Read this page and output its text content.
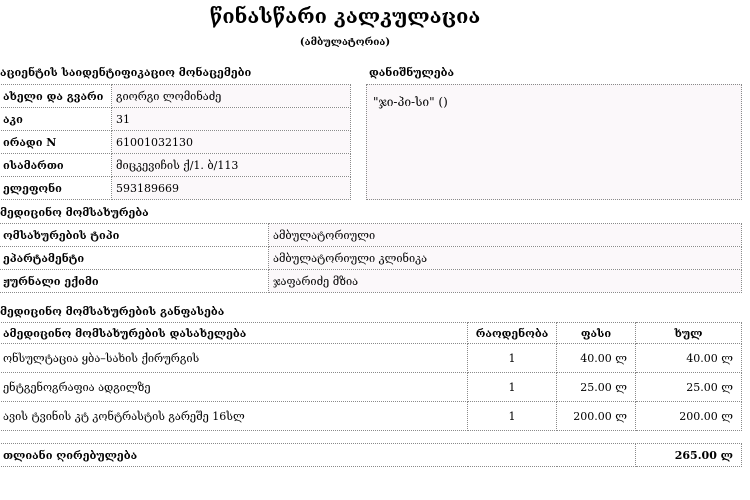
წინასწარი კალკულაცია
(ამბულატორია)
აციენტის საიდენტიფიკაციო მონაცემები
ახელი და გვარი	გიორგი ლომინაძე
აკი	31
ირადი N	61001032130
ისამართი	მიცკევიჩის ქ/1. ბ/113
ელეფონი	593189669
დანიშნულება
"ჯი-პი-სი" ()
მედიცინო მომსახურება
ომსახურების ტიპი	ამბულატორიული
ეპარტამენტი	ამბულატორიული კლინიკა
ჟურნალი ექიმი	ჯაფარიძე მზია
მედიცინო მომსახურების განფასება
ამედიცინო მომსახურების დასახელება	რაოდენობა	ფასი	ხულ
ონსულტაცია ყბა–სახის ქირურგის	1	40.00 ლ	40.00 ლ
ენტგენოგრაფია ადგილზე	1	25.00 ლ	25.00 ლ
ავის ტვინის კტ კონტრასტის გარეშე 16სლ	1	200.00 ლ	200.00 ლ

თლიანი ღირებულება			265.00 ლ
